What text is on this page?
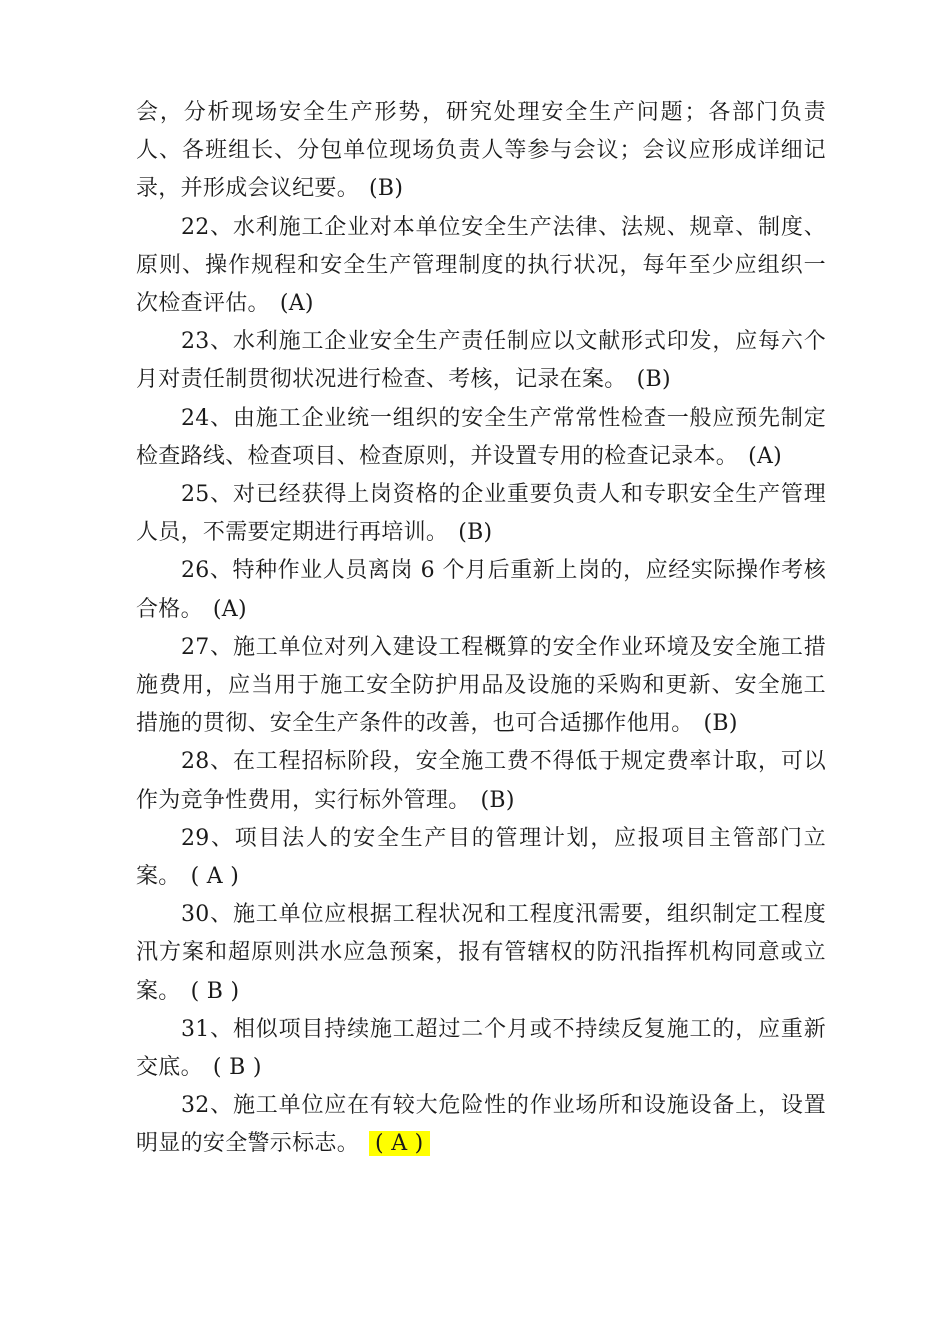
会，分析现场安全生产形势，研究处理安全生产问题；各部门负责人、各班组长、分包单位现场负责人等参与会议；会议应形成详细记录，并形成会议纪要。 (B)

22、水利施工企业对本单位安全生产法律、法规、规章、制度、原则、操作规程和安全生产管理制度的执行状况，每年至少应组织一次检查评估。 (A)

23、水利施工企业安全生产责任制应以文献形式印发，应每六个月对责任制贯彻状况进行检查、考核，记录在案。 (B)

24、由施工企业统一组织的安全生产常常性检查一般应预先制定检查路线、检查项目、检查原则，并设置专用的检查记录本。 (A)

25、对已经获得上岗资格的企业重要负责人和专职安全生产管理人员，不需要定期进行再培训。 (B)

26、特种作业人员离岗 6 个月后重新上岗的，应经实际操作考核合格。 (A)

27、施工单位对列入建设工程概算的安全作业环境及安全施工措施费用，应当用于施工安全防护用品及设施的采购和更新、安全施工措施的贯彻、安全生产条件的改善，也可合适挪作他用。 (B)

28、在工程招标阶段，安全施工费不得低于规定费率计取，可以作为竞争性费用，实行标外管理。 (B)

29、项目法人的安全生产目的管理计划，应报项目主管部门立案。 ( A )

30、施工单位应根据工程状况和工程度汛需要，组织制定工程度汛方案和超原则洪水应急预案，报有管辖权的防汛指挥机构同意或立案。 ( B )

31、相似项目持续施工超过二个月或不持续反复施工的，应重新交底。 ( B )

32、施工单位应在有较大危险性的作业场所和设施设备上，设置明显的安全警示标志。 ( A )
